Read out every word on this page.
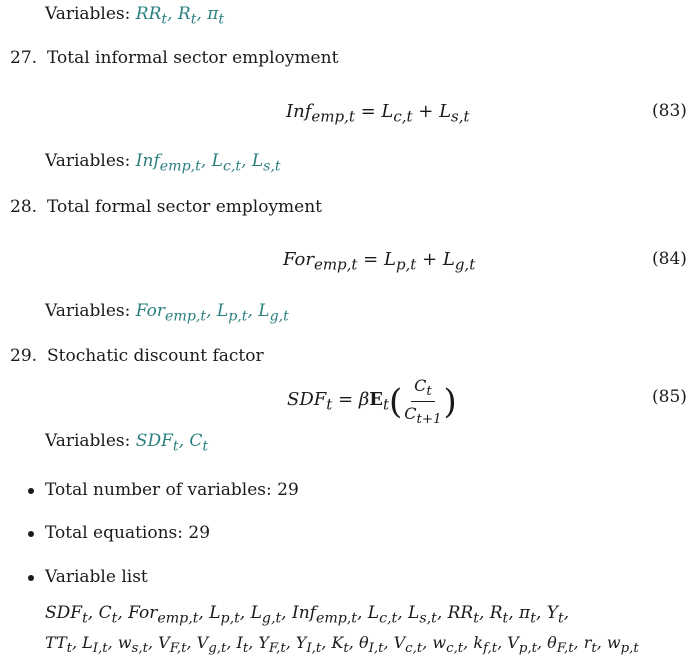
Variables: $RR_t$, $R_t$, $\pi_t$
27. Total informal sector employment
$Inf_{emp,t} = L_{c,t} + L_{s,t}$	(83)
Variables: Inf$_{emp,t}$, $L_{c,t}$, $L_{s,t}$
28. Total formal sector employment
$For_{emp,t} = L_{p,t} + L_{g,t}$	(84)
Variables: For$_{emp,t}$, $L_{p,t}$, $L_{g,t}$
29. Stochatic discount factor
$SDF_t = \beta E_t$ ( $\frac{C_t}{C_{t+1}}$ )	(85)
Variables: $SDF_t$, $C_t$
Total number of variables: 29
Total equations: 29
Variable list
$SDF_t$, $C_t$, For$_{emp,t}$, $L_{p,t}$, $L_{g,t}$, Inf$_{emp,t}$, $L_{c,t}$, $L_{s,t}$, $RR_t$, $R_t$, $\pi_t$, $Y_t$,
$TT_t$, $L_{I,t}$, $w_{s,t}$, $V_{F,t}$, $V_{g,t}$, $I_t$, $Y_{F,t}$, $Y_{I,t}$, $K_t$, $\theta_{I,t}$, $V_{c,t}$, $w_{c,t}$, $k_{f,t}$, $V_{p,t}$, $\theta_{F,t}$, $r_t$, $w_{p,t}$
